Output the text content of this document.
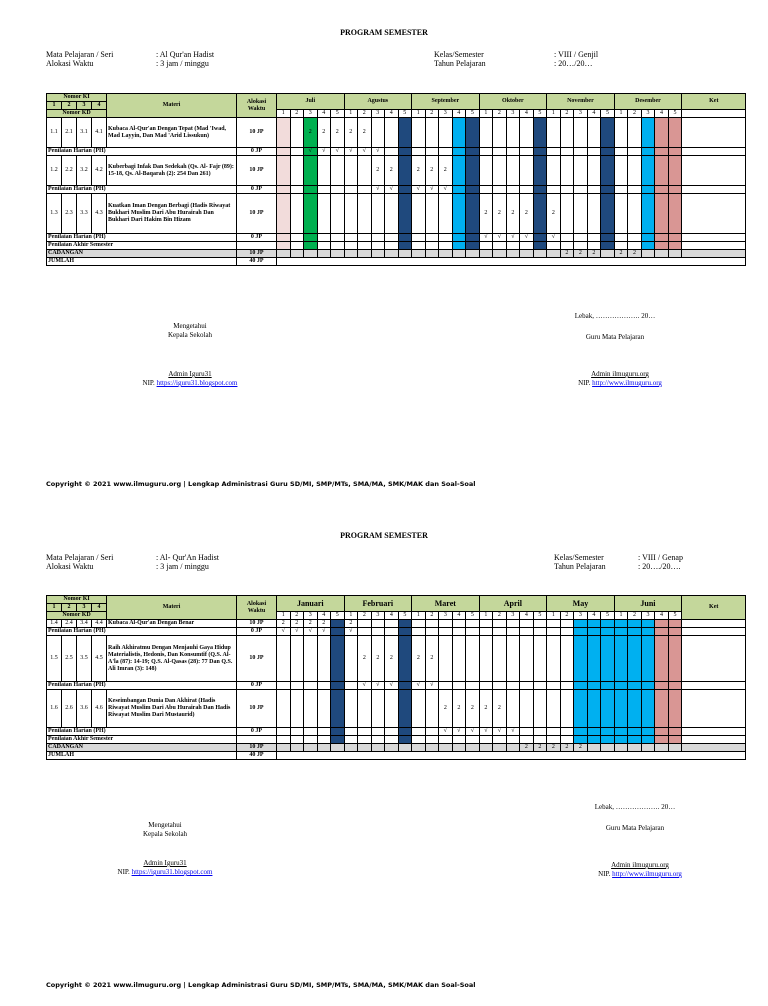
PROGRAM SEMESTER
Mata Pelajaran / Seri	: Al Qur'an Hadist
Alokasi Waktu	: 3 jam / minggu
Kelas/Semester	: VIII / Genjil
Tahun Pelajaran	: 20…/20…
Nomor KI				Materi	Alokasi Waktu	Juli					Agustus					September					Oktober					November					Desember					Ket
1	2	3	4																																	
Nomor KD						1	2	3	4	5	1	2	3	4	5	1	2	3	4	5	1	2	3	4	5	1	2	3	4	5	1	2	3	4	5	
1.1	2.1	3.1	4.1	Kubaca Al-Qur'an Dengan Tepat (Mad 'Iwad, Mad Layyin, Dan Mad 'Arid Lissukun)	10 JP			2	2	2	2	2																								
Penilaian Harian (PH)					0 JP			√	√	√	√	√	√																							
1.2	2.2	3.2	4.2	Kuberbagi Infak Dan Sedekah (Qs. Al- Fajr (89): 15-18, Qs. Al-Baqarah (2): 254 Dan 261)	10 JP								2	2		2	2	2																		
Penilaian Harian (PH)					0 JP								√	√		√	√	√																		
1.3	2.3	3.3	4.3	Kuatkan Iman Dengan Berbagi (Hadis Riwayat Bukhari Muslim Dari Abu Hurairah Dan Bukhari Dari Hakim Bin Hizam	10 JP																2	2	2	2		2										
Penilaian Harian (PH)					0 JP																√	√	√	√		√										
Penilaian Akhir Semester																																				
CADANGAN					10 JP																						2	2	2		2	2				
JUMLAH					40 JP																															
Mengetahui
Kepala Sekolah
Lebak, ………………. 20…
Guru Mata Pelajaran
Admin Iguru31
NIP. https://iguru31.blogspot.com
Admin ilmuguru.org
NIP. http://www.ilmuguru.org
Copyright © 2021 www.ilmuguru.org | Lengkap Administrasi Guru SD/MI, SMP/MTs, SMA/MA, SMK/MAK dan Soal-Soal
PROGRAM SEMESTER
Mata Pelajaran / Seri	: Al- Qur'An Hadist
Alokasi Waktu	: 3 jam / minggu
Kelas/Semester	: VIII / Genap
Tahun Pelajaran	: 20…./20….
Nomor KI				Materi	Alokasi Waktu	Januari					Februari					Maret					April					May					Juni					Ket
1	2	3	4																																	
Nomor KD						1	2	3	4	5	1	2	3	4	5	1	2	3	4	5	1	2	3	4	5	1	2	3	4	5	1	2	3	4	5	
1.4	2.4	3.4	4.4	Kubaca Al-Qur'an Dengan Benar	10 JP	2	2	2	2		2																									
Penilaian Harian (PH)					0 JP	√	√	√	√		√																									
1.5	2.5	3.5	4.5	Raih Akhiratmu Dengan Menjauhi Gaya Hidup Materialistis, Hedonis, Dan Konsumtif (Q.S. Al-A'la (87): 14-19; Q.S. Al-Qasas (28): 77 Dan Q.S. Ali Imran (3): 148)	10 JP							2	2	2		2	2																			
Penilaian Harian (PH)					0 JP							√	√	√		√	√																			
1.6	2.6	3.6	4.6	Keseimbangan Dunia Dan Akhirat (Hadis Riwayat Muslim Dari Abu Hurairah Dan Hadis Riwayat Muslim Dari Mustaurid)	10 JP													2	2	2	2	2														
Penilaian Harian (PH)					0 JP													√	√	√	√	√	√													
Penilaian Akhir Semester																																				
CADANGAN					10 JP																			2	2	2	2	2								
JUMLAH					40 JP																															
Mengetahui
Kepala Sekolah
Lebak, ………………. 20…
Guru Mata Pelajaran
Admin Iguru31
NIP. https://iguru31.blogspot.com
Admin ilmuguru.org
NIP. http://www.ilmuguru.org
Copyright © 2021 www.ilmuguru.org | Lengkap Administrasi Guru SD/MI, SMP/MTs, SMA/MA, SMK/MAK dan Soal-Soal
